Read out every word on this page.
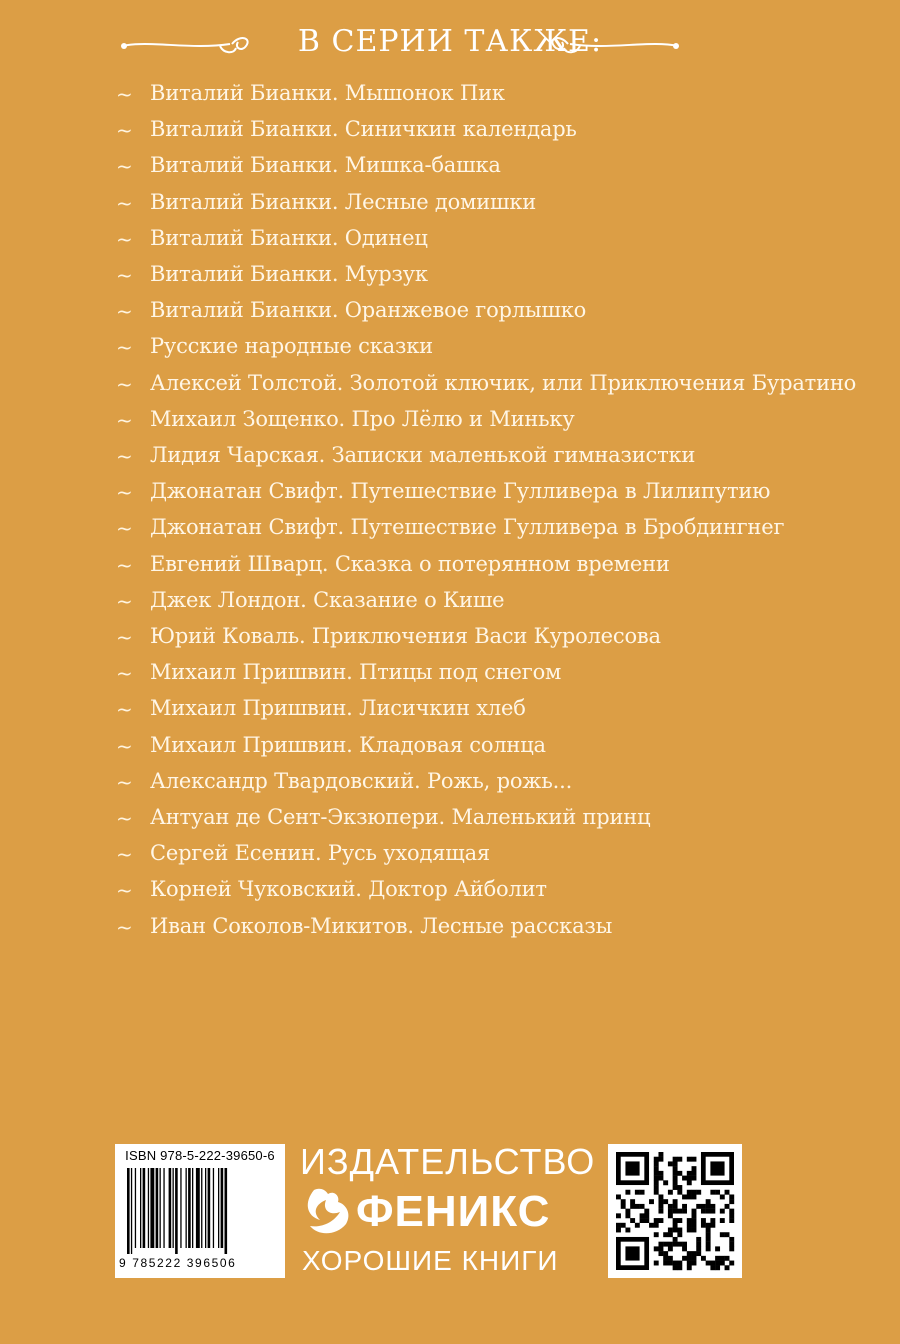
В СЕРИИ ТАКЖЕ:
~ Виталий Бианки. Мышонок Пик
~ Виталий Бианки. Синичкин календарь
~ Виталий Бианки. Мишка-башка
~ Виталий Бианки. Лесные домишки
~ Виталий Бианки. Одинец
~ Виталий Бианки. Мурзук
~ Виталий Бианки. Оранжевое горлышко
~ Русские народные сказки
~ Алексей Толстой. Золотой ключик, или Приключения Буратино
~ Михаил Зощенко. Про Лёлю и Миньку
~ Лидия Чарская. Записки маленькой гимназистки
~ Джонатан Свифт. Путешествие Гулливера в Лилипутию
~ Джонатан Свифт. Путешествие Гулливера в Бробдингнег
~ Евгений Шварц. Сказка о потерянном времени
~ Джек Лондон. Сказание о Кише
~ Юрий Коваль. Приключения Васи Куролесова
~ Михаил Пришвин. Птицы под снегом
~ Михаил Пришвин. Лисичкин хлеб
~ Михаил Пришвин. Кладовая солнца
~ Александр Твардовский. Рожь, рожь...
~ Антуан де Сент-Экзюпери. Маленький принц
~ Сергей Есенин. Русь уходящая
~ Корней Чуковский. Доктор Айболит
~ Иван Соколов-Микитов. Лесные рассказы
ISBN 978-5-222-39650-6
9 785222 396506
ИЗДАТЕЛЬСТВО
ФЕНИКС
ХОРОШИЕ КНИГИ
